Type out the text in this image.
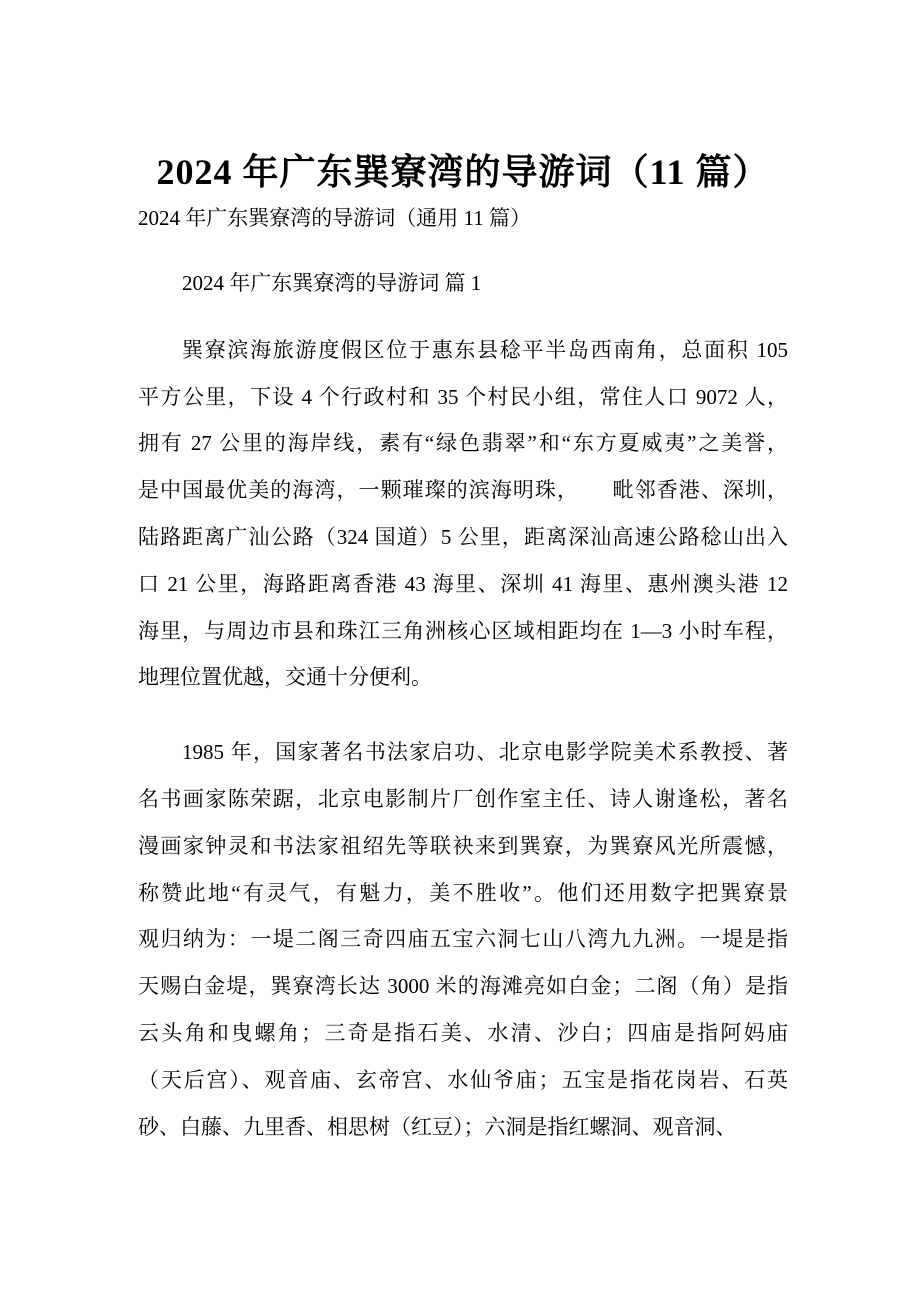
2024 年广东巽寮湾的导游词（11 篇）
2024 年广东巽寮湾的导游词（通用 11 篇）
2024 年广东巽寮湾的导游词 篇 1
巽寮滨海旅游度假区位于惠东县稔平半岛西南角，总面积 105
平方公里，下设 4 个行政村和 35 个村民小组，常住人口 9072 人，
拥有 27 公里的海岸线，素有“绿色翡翠”和“东方夏威夷”之美誉，
是中国最优美的海湾，一颗璀璨的滨海明珠，　　毗邻香港、深圳，
陆路距离广汕公路（324 国道）5 公里，距离深汕高速公路稔山出入
口 21 公里，海路距离香港 43 海里、深圳 41 海里、惠州澳头港 12
海里，与周边市县和珠江三角洲核心区域相距均在 1—3 小时车程，
地理位置优越，交通十分便利。
1985 年，国家著名书法家启功、北京电影学院美术系教授、著
名书画家陈荣踞，北京电影制片厂创作室主任、诗人谢逢松，著名
漫画家钟灵和书法家祖绍先等联袂来到巽寮，为巽寮风光所震憾，
称赞此地“有灵气，有魁力，美不胜收”。他们还用数字把巽寮景
观归纳为：一堤二阁三奇四庙五宝六洞七山八湾九九洲。一堤是指
天赐白金堤，巽寮湾长达 3000 米的海滩亮如白金；二阁（角）是指
云头角和曳螺角；三奇是指石美、水清、沙白；四庙是指阿妈庙
（天后宫）、观音庙、玄帝宫、水仙爷庙；五宝是指花岗岩、石英
砂、白藤、九里香、相思树（红豆）；六洞是指红螺洞、观音洞、
